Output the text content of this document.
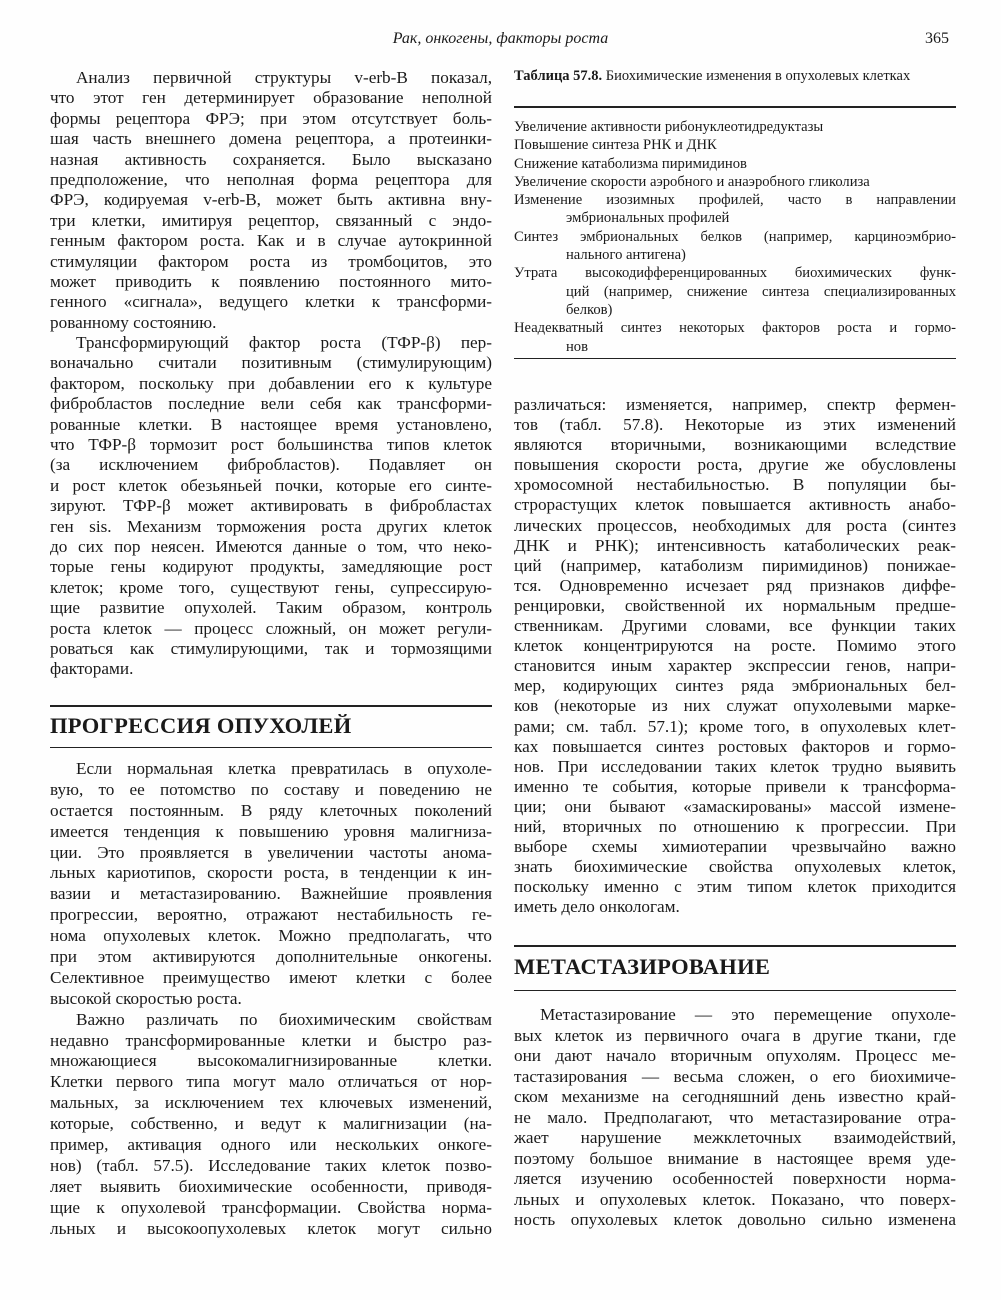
Рак, онкогены, факторы роста	365
Анализ первичной структуры v-erb-B показал,
что этот ген детерминирует образование неполной
формы рецептора ФРЭ; при этом отсутствует боль-
шая часть внешнего домена рецептора, а протеинки-
назная активность сохраняется. Было высказано
предположение, что неполная форма рецептора для
ФРЭ, кодируемая v-erb-B, может быть активна вну-
три клетки, имитируя рецептор, связанный с эндо-
генным фактором роста. Как и в случае аутокринной
стимуляции фактором роста из тромбоцитов, это
может приводить к появлению постоянного мито-
генного «сигнала», ведущего клетки к трансформи-
рованному состоянию.
Трансформирующий фактор роста (ТФР-β) пер-
воначально считали позитивным (стимулирующим)
фактором, поскольку при добавлении его к культуре
фибробластов последние вели себя как трансформи-
рованные клетки. В настоящее время установлено,
что ТФР-β тормозит рост большинства типов клеток
(за исключением фибробластов). Подавляет он
и рост клеток обезьяньей почки, которые его синте-
зируют. ТФР-β может активировать в фибробластах
ген sis. Механизм торможения роста других клеток
до сих пор неясен. Имеются данные о том, что неко-
торые гены кодируют продукты, замедляющие рост
клеток; кроме того, существуют гены, супрессирую-
щие развитие опухолей. Таким образом, контроль
роста клеток — процесс сложный, он может регули-
роваться как стимулирующими, так и тормозящими
факторами.
ПРОГРЕССИЯ ОПУХОЛЕЙ
Если нормальная клетка превратилась в опухоле-
вую, то ее потомство по составу и поведению не
остается постоянным. В ряду клеточных поколений
имеется тенденция к повышению уровня малигниза-
ции. Это проявляется в увеличении частоты анома-
льных кариотипов, скорости роста, в тенденции к ин-
вазии и метастазированию. Важнейшие проявления
прогрессии, вероятно, отражают нестабильность ге-
нома опухолевых клеток. Можно предполагать, что
при этом активируются дополнительные онкогены.
Селективное преимущество имеют клетки с более
высокой скоростью роста.
Важно различать по биохимическим свойствам
недавно трансформированные клетки и быстро раз-
множающиеся высокомалигнизированные клетки.
Клетки первого типа могут мало отличаться от нор-
мальных, за исключением тех ключевых изменений,
которые, собственно, и ведут к малигнизации (на-
пример, активация одного или нескольких онкоге-
нов) (табл. 57.5). Исследование таких клеток позво-
ляет выявить биохимические особенности, приводя-
щие к опухолевой трансформации. Свойства норма-
льных и высокоопухолевых клеток могут сильно
Таблица 57.8. Биохимические изменения в опухолевых клетках
Увеличение активности рибонуклеотидредуктазы
Повышение синтеза РНК и ДНК
Снижение катаболизма пиримидинов
Увеличение скорости аэробного и анаэробного гликолиза
Изменение изозимных профилей, часто в направлении
эмбриональных профилей
Синтез эмбриональных белков (например, карциноэмбрио-
нального антигена)
Утрата высокодифференцированных биохимических функ-
ций (например, снижение синтеза специализированных
белков)
Неадекватный синтез некоторых факторов роста и гормо-
нов
различаться: изменяется, например, спектр фермен-
тов (табл. 57.8). Некоторые из этих изменений
являются вторичными, возникающими вследствие
повышения скорости роста, другие же обусловлены
хромосомной нестабильностью. В популяции бы-
строрастущих клеток повышается активность анабо-
лических процессов, необходимых для роста (синтез
ДНК и РНК); интенсивность катаболических реак-
ций (например, катаболизм пиримидинов) понижае-
тся. Одновременно исчезает ряд признаков диффе-
ренцировки, свойственной их нормальным предше-
ственникам. Другими словами, все функции таких
клеток концентрируются на росте. Помимо этого
становится иным характер экспрессии генов, напри-
мер, кодирующих синтез ряда эмбриональных бел-
ков (некоторые из них служат опухолевыми марке-
рами; см. табл. 57.1); кроме того, в опухолевых клет-
ках повышается синтез ростовых факторов и гормо-
нов. При исследовании таких клеток трудно выявить
именно те события, которые привели к трансформа-
ции; они бывают «замаскированы» массой измене-
ний, вторичных по отношению к прогрессии. При
выборе схемы химиотерапии чрезвычайно важно
знать биохимические свойства опухолевых клеток,
поскольку именно с этим типом клеток приходится
иметь дело онкологам.
МЕТАСТАЗИРОВАНИЕ
Метастазирование — это перемещение опухоле-
вых клеток из первичного очага в другие ткани, где
они дают начало вторичным опухолям. Процесс ме-
тастазирования — весьма сложен, о его биохимиче-
ском механизме на сегодняшний день известно край-
не мало. Предполагают, что метастазирование отра-
жает нарушение межклеточных взаимодействий,
поэтому большое внимание в настоящее время уде-
ляется изучению особенностей поверхности норма-
льных и опухолевых клеток. Показано, что поверх-
ность опухолевых клеток довольно сильно изменена
